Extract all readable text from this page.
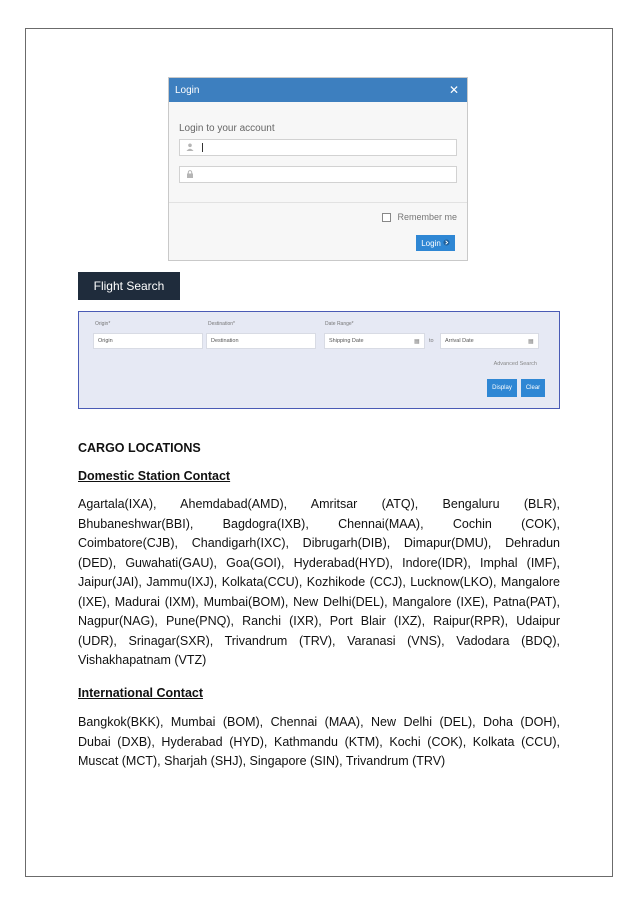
Login	✕
Login to your account
Remember me
Login
Flight Search
Origin*
Origin
Destination*
Destination
Date Range*
Shipping Date	▦ to	Arrival Date	▦
Advanced Search
Display	Clear
CARGO LOCATIONS
Domestic Station Contact
Agartala(IXA), Ahemdabad(AMD), Amritsar (ATQ), Bengaluru (BLR), Bhubaneshwar(BBI), Bagdogra(IXB), Chennai(MAA), Cochin (COK), Coimbatore(CJB), Chandigarh(IXC), Dibrugarh(DIB), Dimapur(DMU), Dehradun (DED), Guwahati(GAU), Goa(GOI), Hyderabad(HYD), Indore(IDR), Imphal (IMF), Jaipur(JAI), Jammu(IXJ), Kolkata(CCU), Kozhikode (CCJ), Lucknow(LKO), Mangalore (IXE), Madurai (IXM), Mumbai(BOM), New Delhi(DEL), Mangalore (IXE), Patna(PAT), Nagpur(NAG), Pune(PNQ), Ranchi (IXR), Port Blair (IXZ), Raipur(RPR), Udaipur (UDR), Srinagar(SXR), Trivandrum (TRV), Varanasi (VNS), Vadodara (BDQ), Vishakhapatnam (VTZ)
International Contact
Bangkok(BKK), Mumbai (BOM), Chennai (MAA), New Delhi (DEL), Doha (DOH), Dubai (DXB), Hyderabad (HYD), Kathmandu (KTM), Kochi (COK), Kolkata (CCU), Muscat (MCT), Sharjah (SHJ), Singapore (SIN), Trivandrum (TRV)
